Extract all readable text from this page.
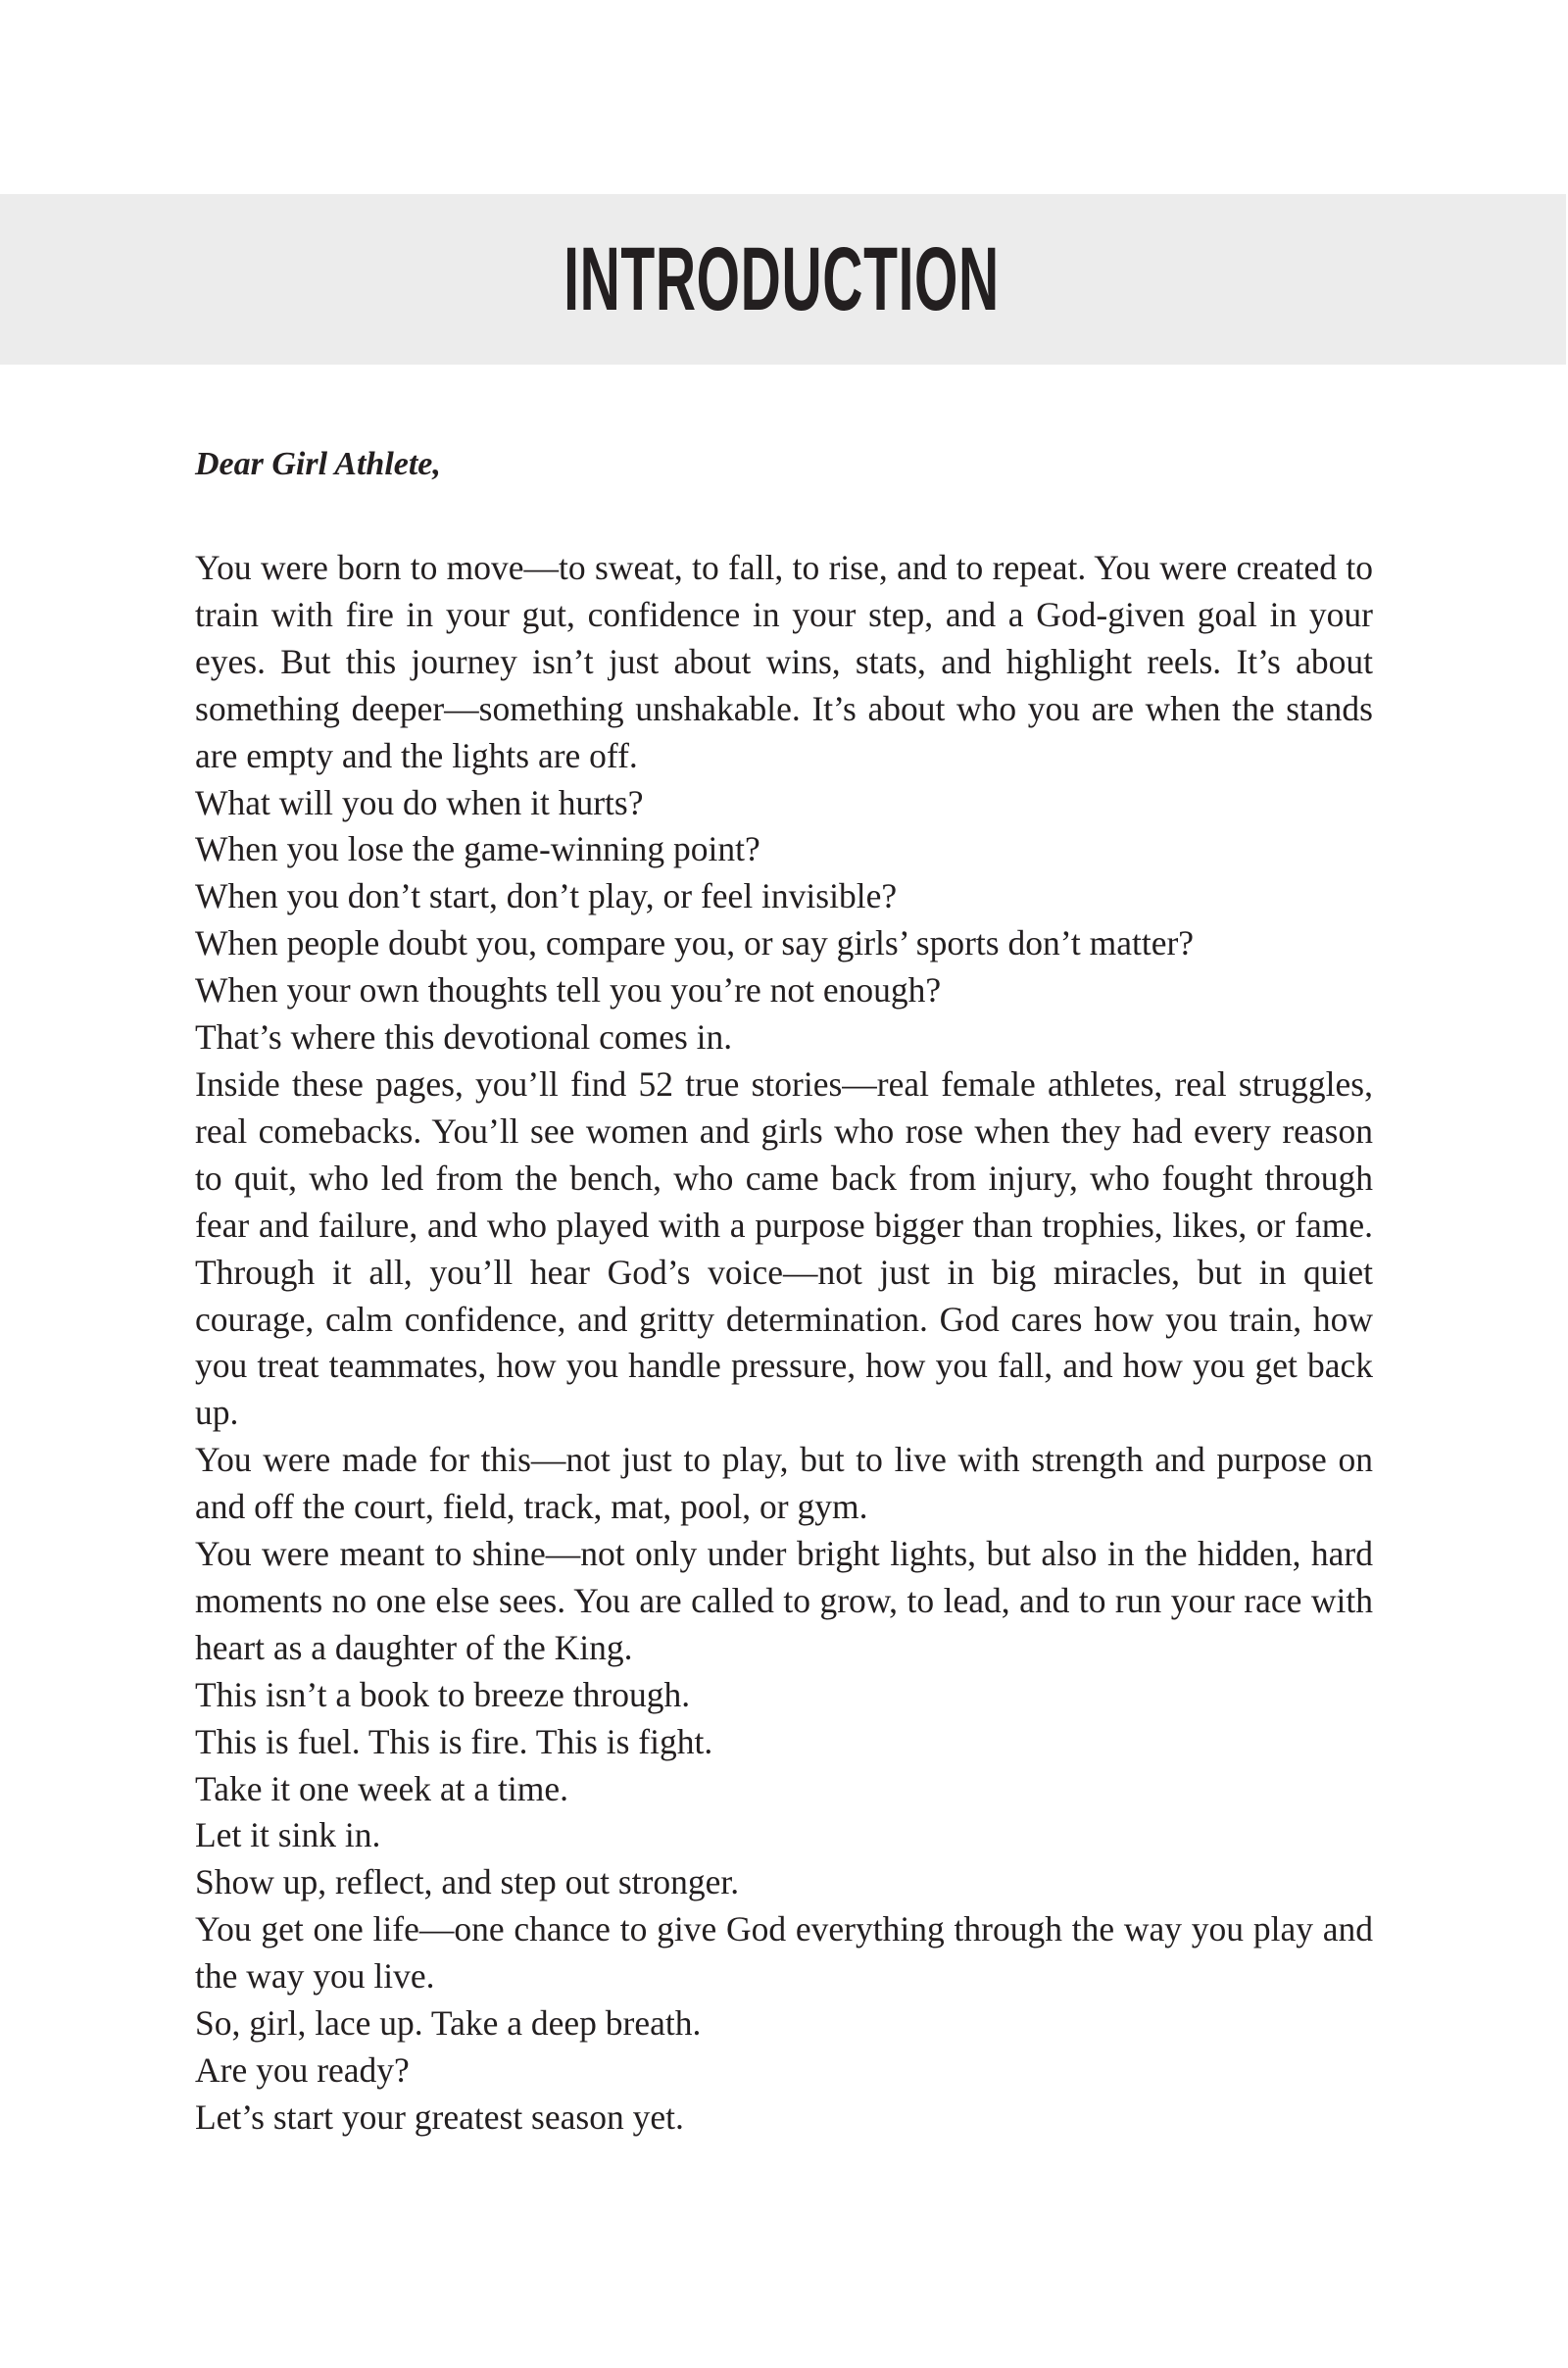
INTRODUCTION
Dear Girl Athlete,

You were born to move—to sweat, to fall, to rise, and to repeat. You were created to train with fire in your gut, confidence in your step, and a God-given goal in your eyes. But this journey isn’t just about wins, stats, and highlight reels. It’s about something deeper—something unshakable. It’s about who you are when the stands are empty and the lights are off.

What will you do when it hurts?

When you lose the game-winning point?

When you don’t start, don’t play, or feel invisible?

When people doubt you, compare you, or say girls’ sports don’t matter?

When your own thoughts tell you you’re not enough?

That’s where this devotional comes in.

Inside these pages, you’ll find 52 true stories—real female athletes, real struggles, real comebacks. You’ll see women and girls who rose when they had every reason to quit, who led from the bench, who came back from injury, who fought through fear and failure, and who played with a purpose bigger than trophies, likes, or fame. Through it all, you’ll hear God’s voice—not just in big miracles, but in quiet courage, calm confidence, and gritty determination. God cares how you train, how you treat teammates, how you handle pressure, how you fall, and how you get back up.

You were made for this—not just to play, but to live with strength and purpose on and off the court, field, track, mat, pool, or gym.

You were meant to shine—not only under bright lights, but also in the hidden, hard moments no one else sees. You are called to grow, to lead, and to run your race with heart as a daughter of the King.

This isn’t a book to breeze through.

This is fuel. This is fire. This is fight.

Take it one week at a time.

Let it sink in.

Show up, reflect, and step out stronger.

You get one life—one chance to give God everything through the way you play and the way you live.

So, girl, lace up. Take a deep breath.

Are you ready?

Let’s start your greatest season yet.
